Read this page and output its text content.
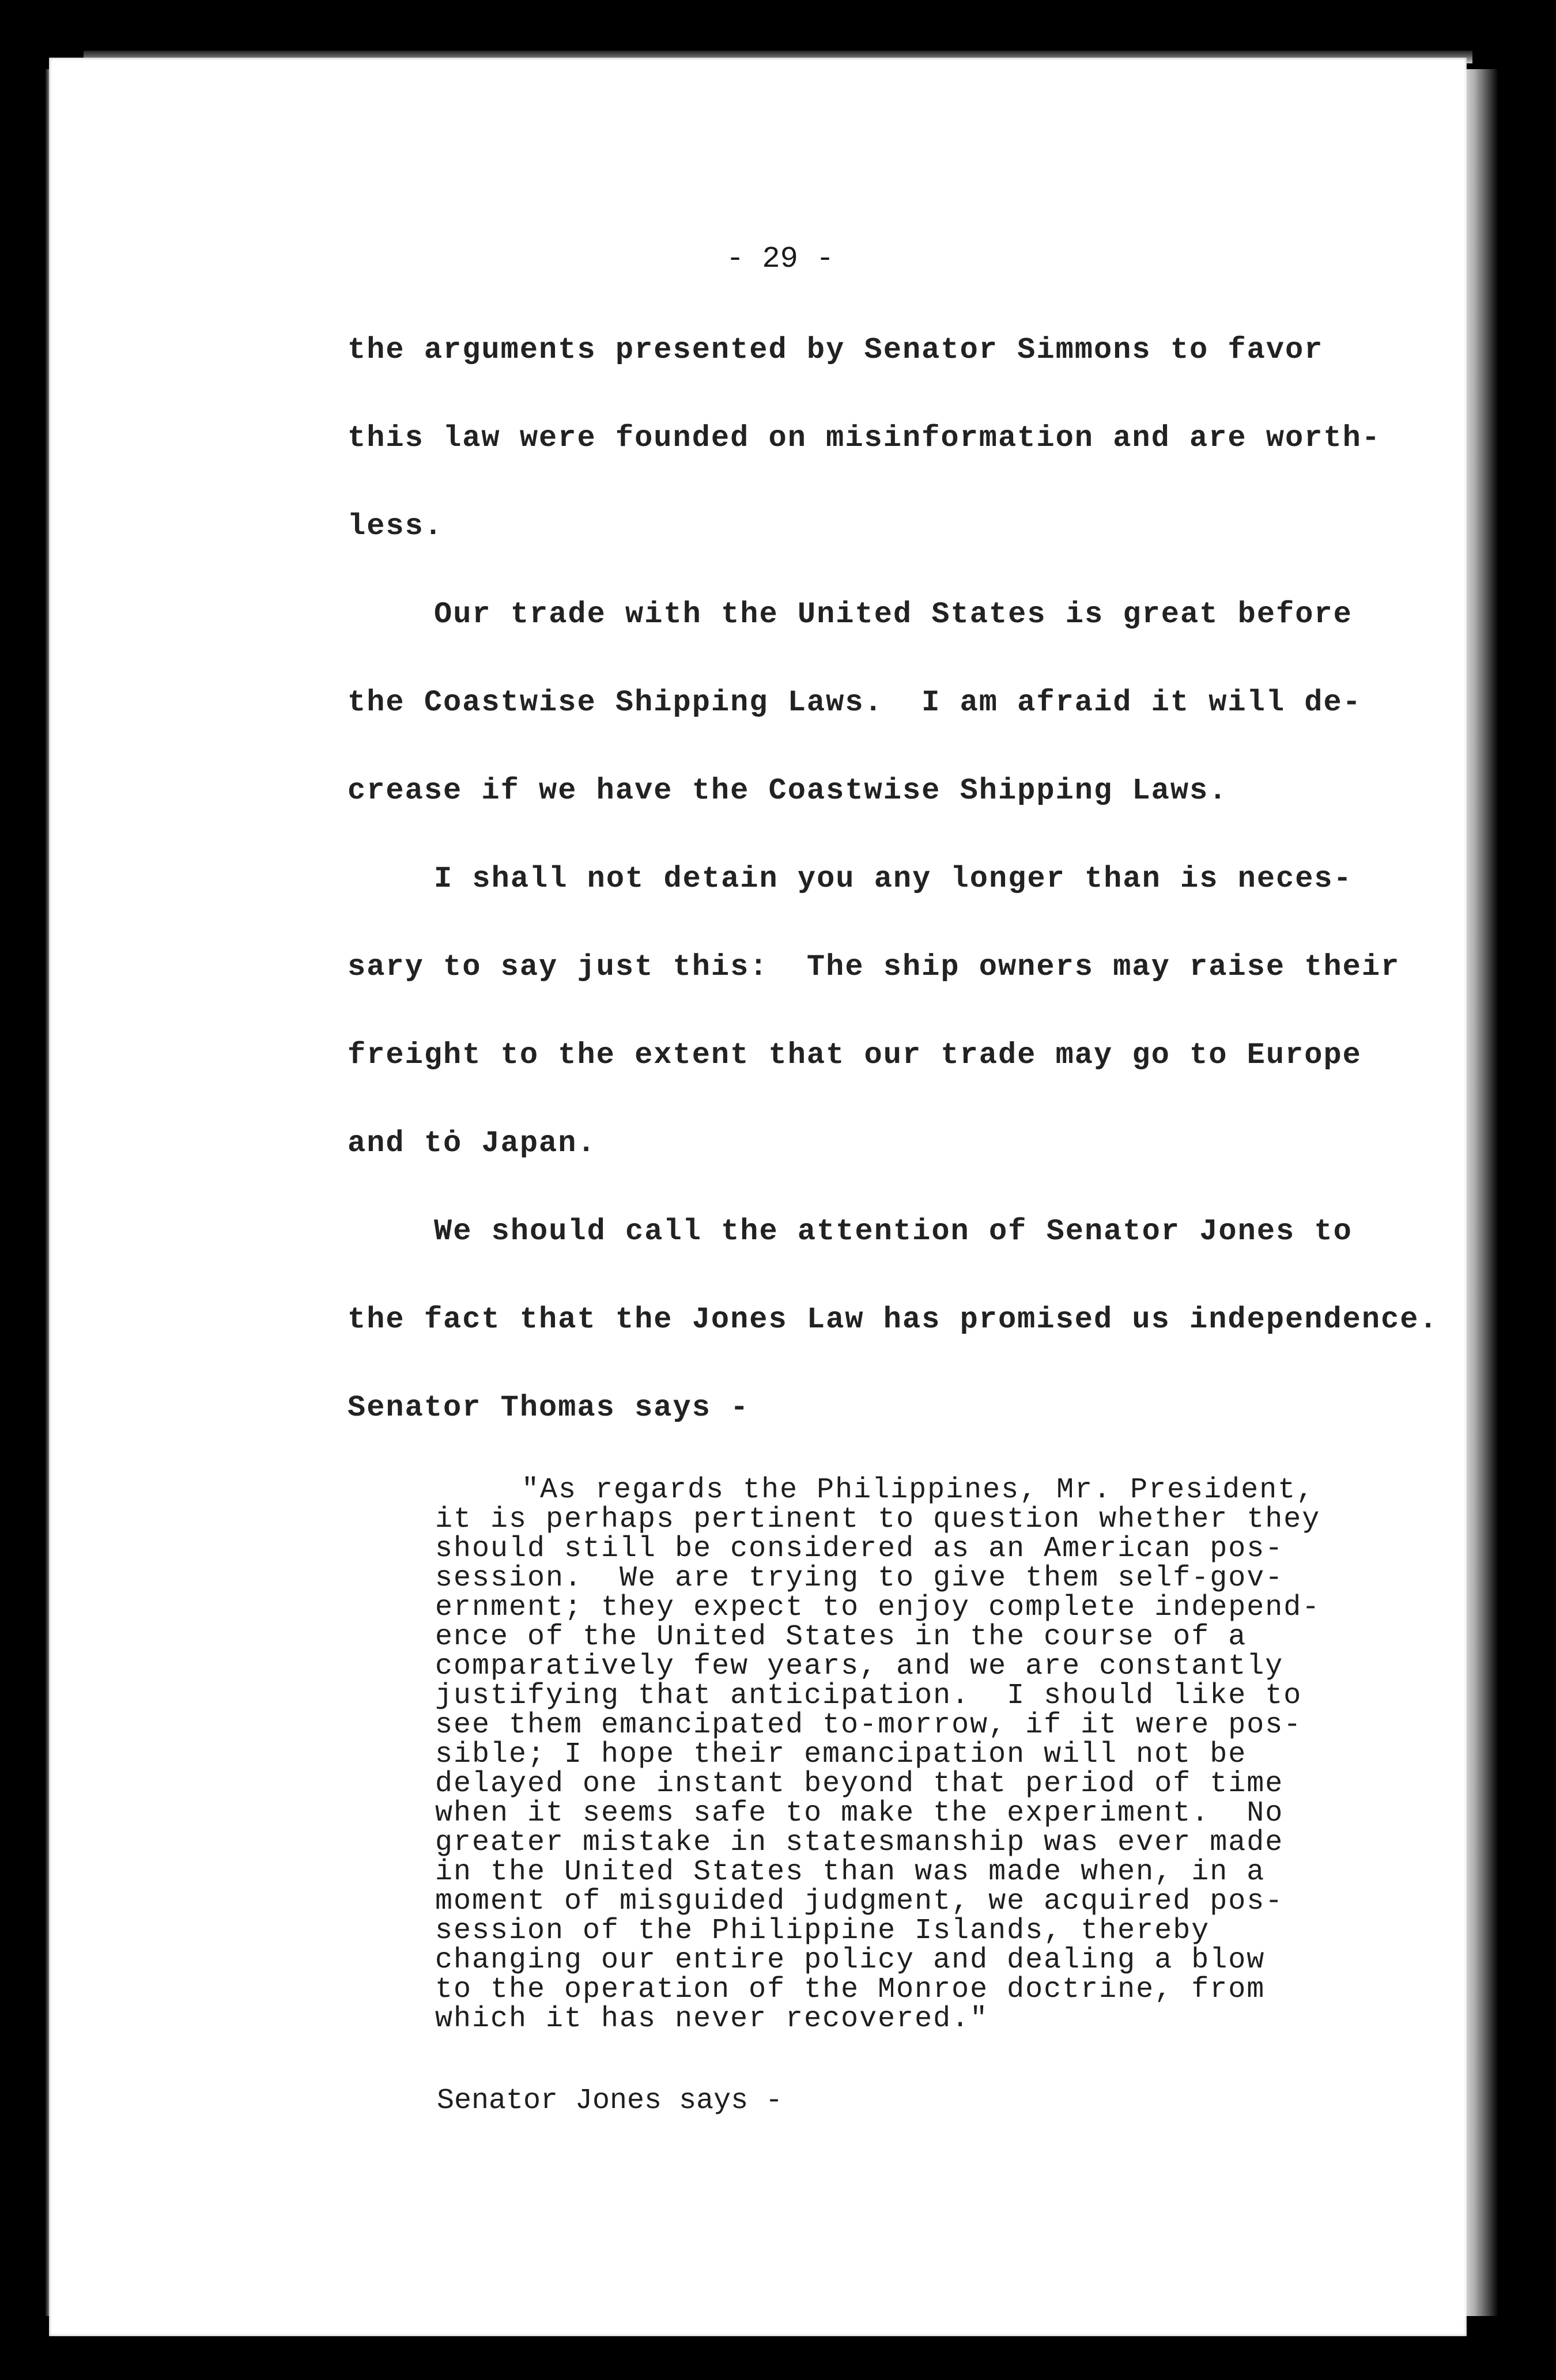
- 29 -
the arguments presented by Senator Simmons to favor
this law were founded on misinformation and are worth-
less.
Our trade with the United States is great before
the Coastwise Shipping Laws.  I am afraid it will de-
crease if we have the Coastwise Shipping Laws.
I shall not detain you any longer than is neces-
sary to say just this:  The ship owners may raise their
freight to the extent that our trade may go to Europe
and tȯ Japan.
We should call the attention of Senator Jones to
the fact that the Jones Law has promised us independence.
Senator Thomas says -
"As regards the Philippines, Mr. President,
it is perhaps pertinent to question whether they
should still be considered as an American pos-
session.  We are trying to give them self-gov-
ernment; they expect to enjoy complete independ-
ence of the United States in the course of a
comparatively few years, and we are constantly
justifying that anticipation.  I should like to
see them emancipated to-morrow, if it were pos-
sible; I hope their emancipation will not be
delayed one instant beyond that period of time
when it seems safe to make the experiment.  No
greater mistake in statesmanship was ever made
in the United States than was made when, in a
moment of misguided judgment, we acquired pos-
session of the Philippine Islands, thereby
changing our entire policy and dealing a blow
to the operation of the Monroe doctrine, from
which it has never recovered."
Senator Jones says -
